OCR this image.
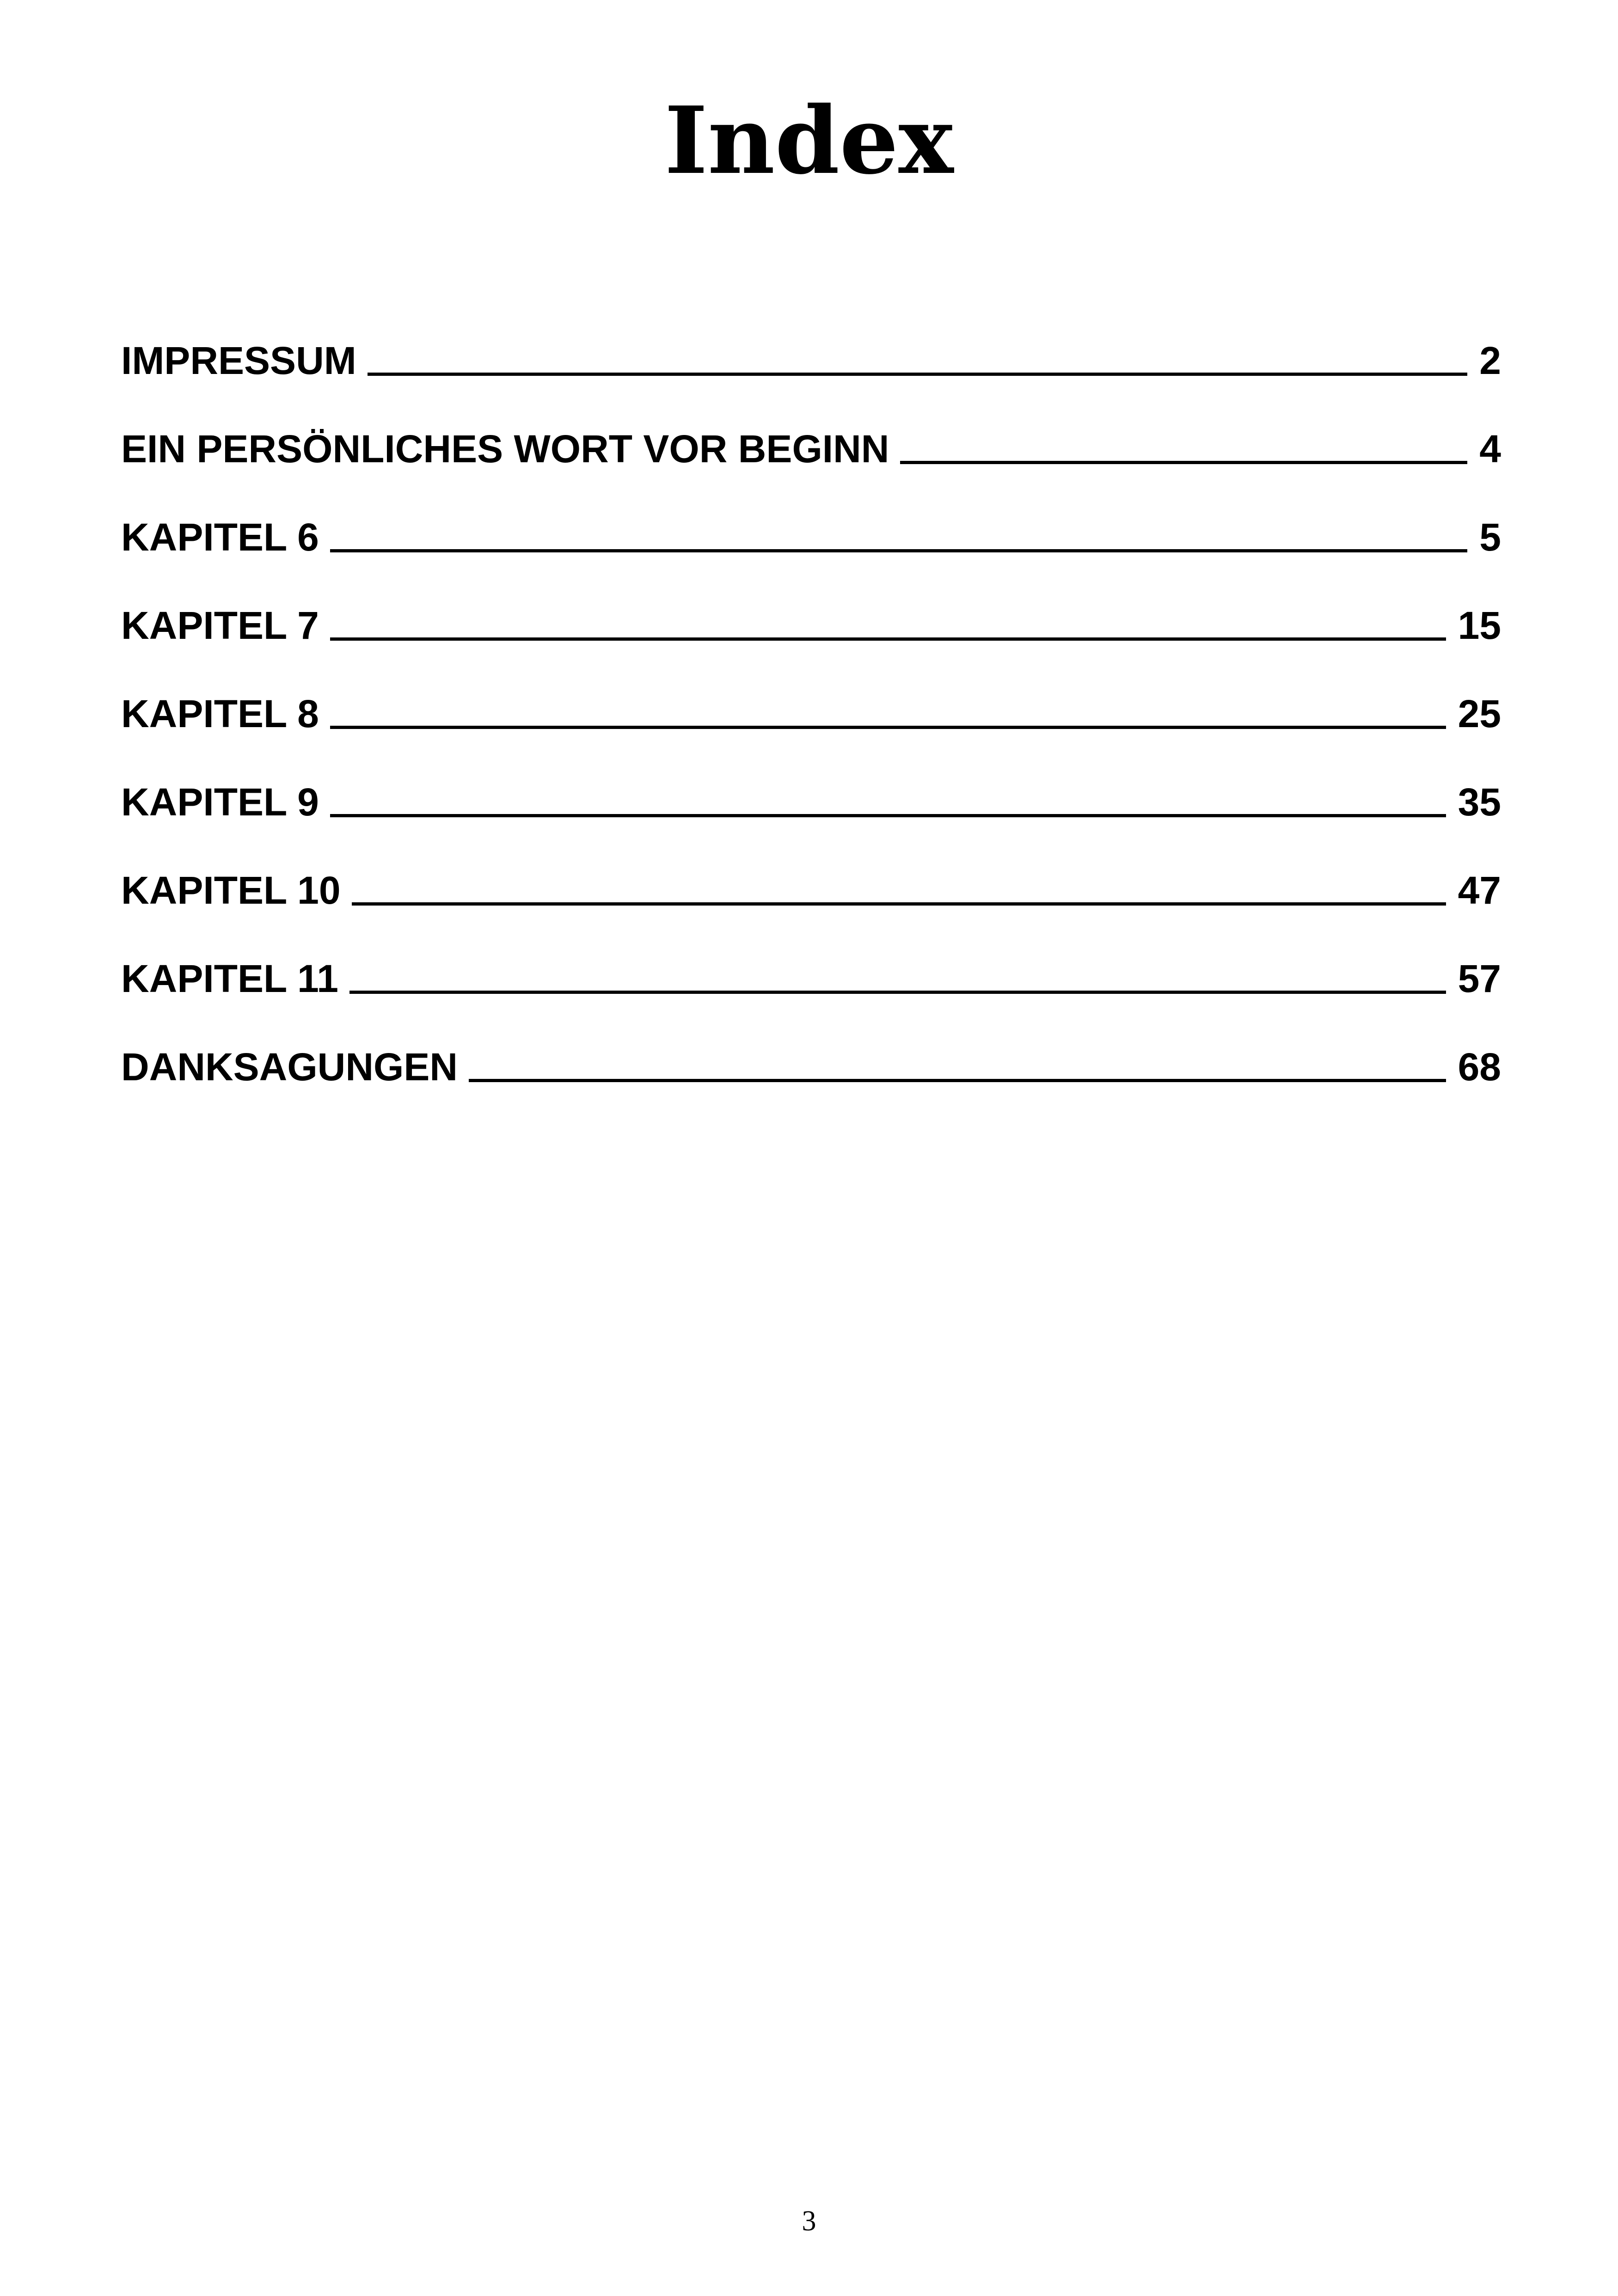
Index
IMPRESSUM	2
EIN PERSÖNLICHES WORT VOR BEGINN	4
KAPITEL 6	5
KAPITEL 7	15
KAPITEL 8	25
KAPITEL 9	35
KAPITEL 10	47
KAPITEL 11	57
DANKSAGUNGEN	68
3
